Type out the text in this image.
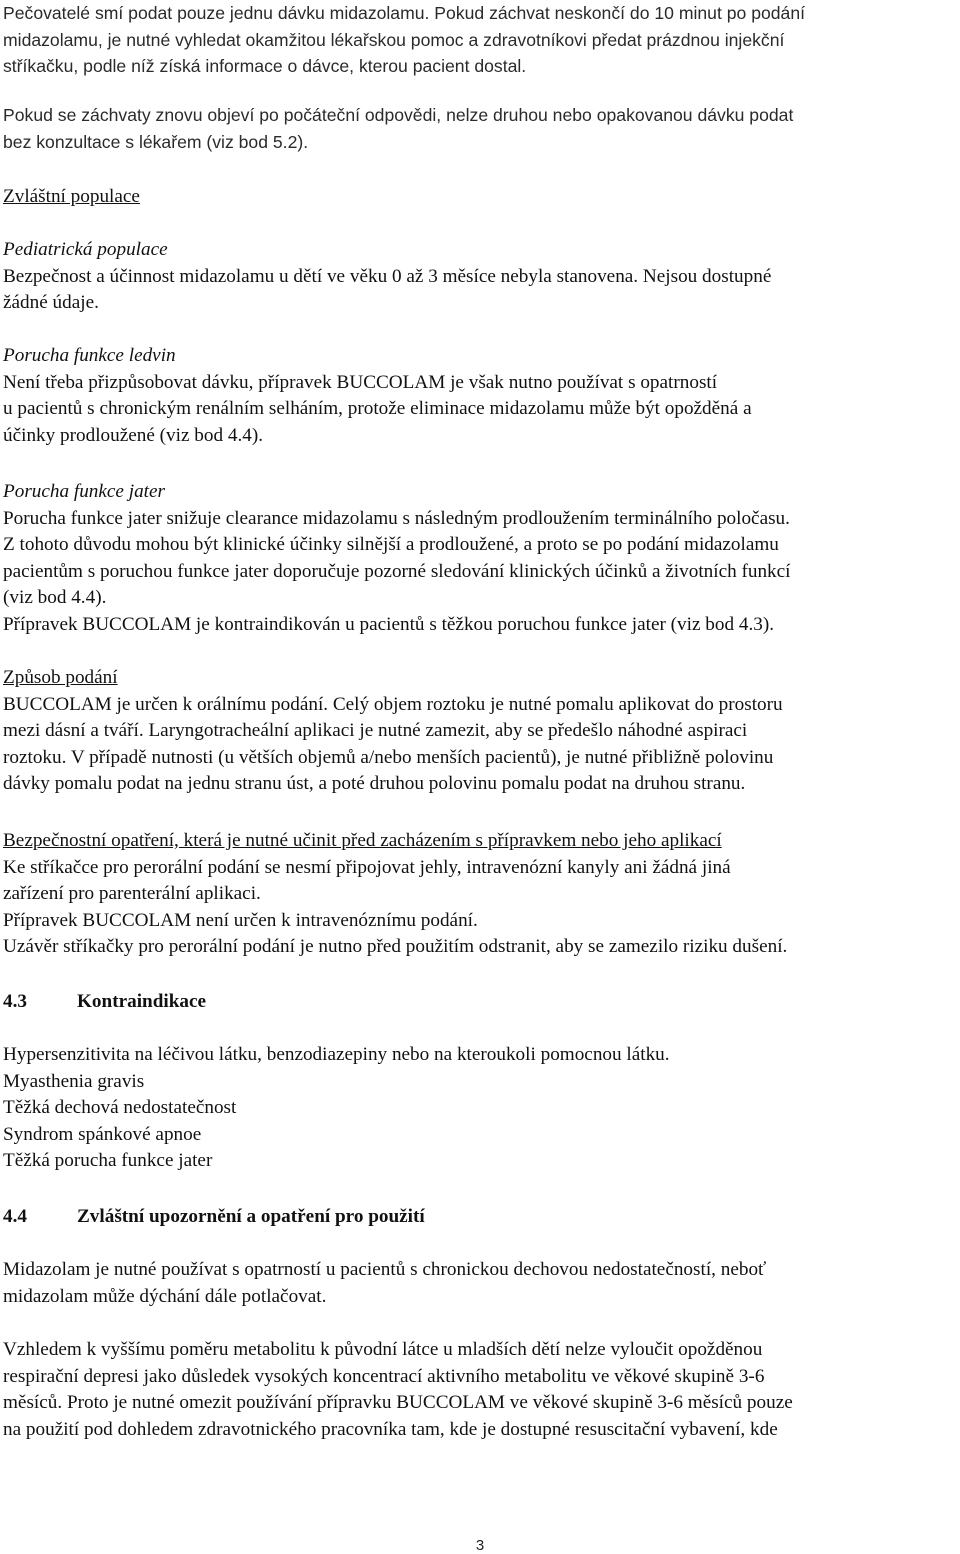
Pečovatelé smí podat pouze jednu dávku midazolamu. Pokud záchvat neskončí do 10 minut po podání

midazolamu, je nutné vyhledat okamžitou lékařskou pomoc a zdravotníkovi předat prázdnou injekční

stříkačku, podle níž získá informace o dávce, kterou pacient dostal.

Pokud se záchvaty znovu objeví po počáteční odpovědi, nelze druhou nebo opakovanou dávku podat

bez konzultace s lékařem (viz bod 5.2).

Zvláštní populace

Pediatrická populace

Bezpečnost a účinnost midazolamu u dětí ve věku 0 až 3 měsíce nebyla stanovena. Nejsou dostupné

žádné údaje.

Porucha funkce ledvin

Není třeba přizpůsobovat dávku, přípravek BUCCOLAM je však nutno používat s opatrností

u pacientů s chronickým renálním selháním, protože eliminace midazolamu může být opožděná a

účinky prodloužené (viz bod 4.4).

Porucha funkce jater

Porucha funkce jater snižuje clearance midazolamu s následným prodloužením terminálního poločasu.

Z tohoto důvodu mohou být klinické účinky silnější a prodloužené, a proto se po podání midazolamu

pacientům s poruchou funkce jater doporučuje pozorné sledování klinických účinků a životních funkcí

(viz bod 4.4).

Přípravek BUCCOLAM je kontraindikován u pacientů s těžkou poruchou funkce jater (viz bod 4.3).

Způsob podání

BUCCOLAM je určen k orálnímu podání. Celý objem roztoku je nutné pomalu aplikovat do prostoru

mezi dásní a tváří. Laryngotracheální aplikaci je nutné zamezit, aby se předešlo náhodné aspiraci

roztoku. V případě nutnosti (u větších objemů a/nebo menších pacientů), je nutné přibližně polovinu

dávky pomalu podat na jednu stranu úst, a poté druhou polovinu pomalu podat na druhou stranu.

Bezpečnostní opatření, která je nutné učinit před zacházením s přípravkem nebo jeho aplikací

Ke stříkačce pro perorální podání se nesmí připojovat jehly, intravenózní kanyly ani žádná jiná

zařízení pro parenterální aplikaci.

Přípravek BUCCOLAM není určen k intravenóznímu podání.

Uzávěr stříkačky pro perorální podání je nutno před použitím odstranit, aby se zamezilo riziku dušení.

4.3	Kontraindikace

Hypersenzitivita na léčivou látku, benzodiazepiny nebo na kteroukoli pomocnou látku.

Myasthenia gravis

Těžká dechová nedostatečnost

Syndrom spánkové apnoe

Těžká porucha funkce jater

4.4	Zvláštní upozornění a opatření pro použití

Midazolam je nutné používat s opatrností u pacientů s chronickou dechovou nedostatečností, neboť

midazolam může dýchání dále potlačovat.

Vzhledem k vyššímu poměru metabolitu k původní látce u mladších dětí nelze vyloučit opožděnou

respirační depresi jako důsledek vysokých koncentrací aktivního metabolitu ve věkové skupině 3-6

měsíců. Proto je nutné omezit používání přípravku BUCCOLAM ve věkové skupině 3-6 měsíců pouze

na použití pod dohledem zdravotnického pracovníka tam, kde je dostupné resuscitační vybavení, kde

3
